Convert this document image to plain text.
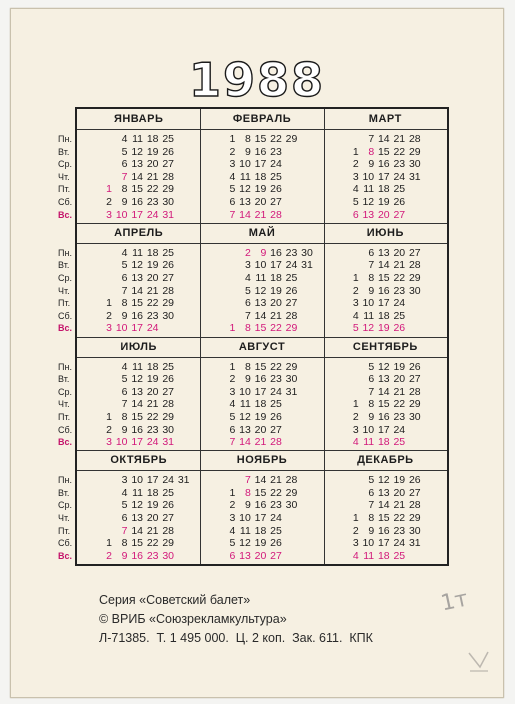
1988
ЯНВАРЬ
Пн.	4 11 18 25
Вт.	5 12 19 26
Ср.	6 13 20 27
Чт.	7 14 21 28
Пт.	1 8 15 22 29
Сб.	2 9 16 23 30
Вс.	3 10 17 24 31
ФЕВРАЛЬ
1 8 15 22 29
2 9 16 23
3 10 17 24
4 11 18 25
5 12 19 26
6 13 20 27
7 14 21 28
МАРТ
7 14 21 28
1 8 15 22 29
2 9 16 23 30
3 10 17 24 31
4 11 18 25
5 12 19 26
6 13 20 27
АПРЕЛЬ
Пн.	4 11 18 25
Вт.	5 12 19 26
Ср.	6 13 20 27
Чт.	7 14 21 28
Пт.	1 8 15 22 29
Сб.	2 9 16 23 30
Вс.	3 10 17 24
МАЙ
2 9 16 23 30
3 10 17 24 31
4 11 18 25
5 12 19 26
6 13 20 27
7 14 21 28
1 8 15 22 29
ИЮНЬ
6 13 20 27
7 14 21 28
1 8 15 22 29
2 9 16 23 30
3 10 17 24
4 11 18 25
5 12 19 26
ИЮЛЬ
Пн.	4 11 18 25
Вт.	5 12 19 26
Ср.	6 13 20 27
Чт.	7 14 21 28
Пт.	1 8 15 22 29
Сб.	2 9 16 23 30
Вс.	3 10 17 24 31
АВГУСТ
1 8 15 22 29
2 9 16 23 30
3 10 17 24 31
4 11 18 25
5 12 19 26
6 13 20 27
7 14 21 28
СЕНТЯБРЬ
5 12 19 26
6 13 20 27
7 14 21 28
1 8 15 22 29
2 9 16 23 30
3 10 17 24
4 11 18 25
ОКТЯБРЬ
Пн.	3 10 17 24 31
Вт.	4 11 18 25
Ср.	5 12 19 26
Чт.	6 13 20 27
Пт.	7 14 21 28
Сб.	1 8 15 22 29
Вс.	2 9 16 23 30
НОЯБРЬ
7 14 21 28
1 8 15 22 29
2 9 16 23 30
3 10 17 24
4 11 18 25
5 12 19 26
6 13 20 27
ДЕКАБРЬ
5 12 19 26
6 13 20 27
7 14 21 28
1 8 15 22 29
2 9 16 23 30
3 10 17 24 31
4 11 18 25
Серия «Советский балет»
© ВРИБ «Союзрекламкультура»
Л-71385.  Т. 1 495 000.  Ц. 2 коп.  Зак. 611.  КПК
1т
